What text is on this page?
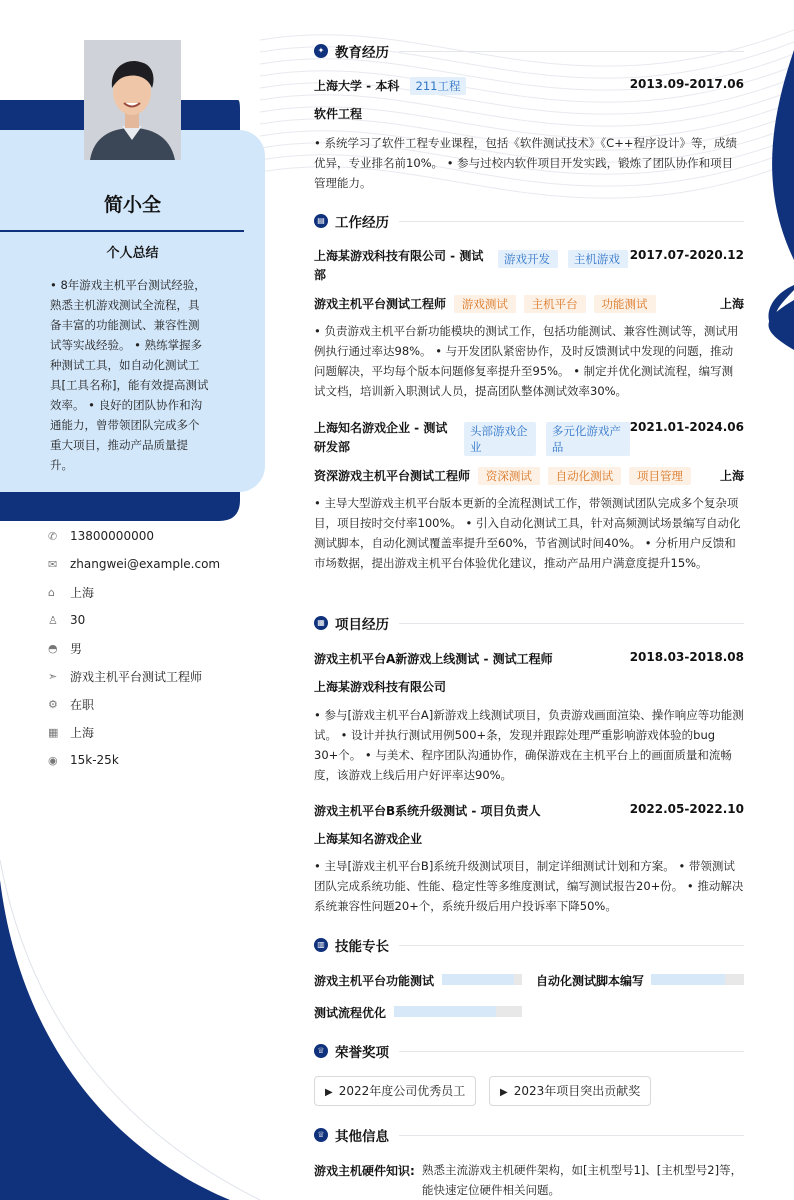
简小全
个人总结
• 8年游戏主机平台测试经验，熟悉主机游戏测试全流程，具备丰富的功能测试、兼容性测试等实战经验。 • 熟练掌握多种测试工具，如自动化测试工具[工具名称]，能有效提高测试效率。 • 良好的团队协作和沟通能力，曾带领团队完成多个重大项目，推动产品质量提升。
✆	13800000000
✉	zhangwei@example.com
⌂	上海
♙	30
◓	男
➣	游戏主机平台测试工程师
⚙	在职
▦ 上海
◉	15k-25k
✦ 教育经历
上海大学 - 本科 211工程	2013.09-2017.06
软件工程
• 系统学习了软件工程专业课程，包括《软件测试技术》《C++程序设计》等，成绩优异，专业排名前10%。 • 参与过校内软件项目开发实践，锻炼了团队协作和项目管理能力。
▤ 工作经历
上海某游戏科技有限公司 - 测试部
游戏开发 主机游戏 2017.07-2020.12
游戏主机平台测试工程师 游戏测试 主机平台 功能测试	上海
• 负责游戏主机平台新功能模块的测试工作，包括功能测试、兼容性测试等，测试用例执行通过率达98%。 • 与开发团队紧密协作，及时反馈测试中发现的问题，推动问题解决，平均每个版本问题修复率提升至95%。 • 制定并优化测试流程，编写测试文档，培训新入职测试人员，提高团队整体测试效率30%。
上海知名游戏企业 - 测试研发部
头部游戏企业 多元化游戏产品
2021.01-2024.06
资深游戏主机平台测试工程师 资深测试 自动化测试 项目管理	上海
• 主导大型游戏主机平台版本更新的全流程测试工作，带领测试团队完成多个复杂项目，项目按时交付率100%。 • 引入自动化测试工具，针对高频测试场景编写自动化测试脚本，自动化测试覆盖率提升至60%，节省测试时间40%。 • 分析用户反馈和市场数据，提出游戏主机平台体验优化建议，推动产品用户满意度提升15%。
▦ 项目经历
游戏主机平台A新游戏上线测试 - 测试工程师	2018.03-2018.08
上海某游戏科技有限公司
• 参与[游戏主机平台A]新游戏上线测试项目，负责游戏画面渲染、操作响应等功能测试。 • 设计并执行测试用例500+条，发现并跟踪处理严重影响游戏体验的bug 30+个。 • 与美术、程序团队沟通协作，确保游戏在主机平台上的画面质量和流畅度，该游戏上线后用户好评率达90%。
游戏主机平台B系统升级测试 - 项目负责人	2022.05-2022.10
上海某知名游戏企业
• 主导[游戏主机平台B]系统升级测试项目，制定详细测试计划和方案。 • 带领测试团队完成系统功能、性能、稳定性等多维度测试，编写测试报告20+份。 • 推动解决系统兼容性问题20+个，系统升级后用户投诉率下降50%。
▥ 技能专长
游戏主机平台功能测试	自动化测试脚本编写
测试流程优化
♕ 荣誉奖项
▶ 2022年度公司优秀员工	▶ 2023年项目突出贡献奖
♕ 其他信息
游戏主机硬件知识: 熟悉主流游戏主机硬件架构，如[主机型号1]、[主机型号2]等，能快速定位硬件相关问题。
